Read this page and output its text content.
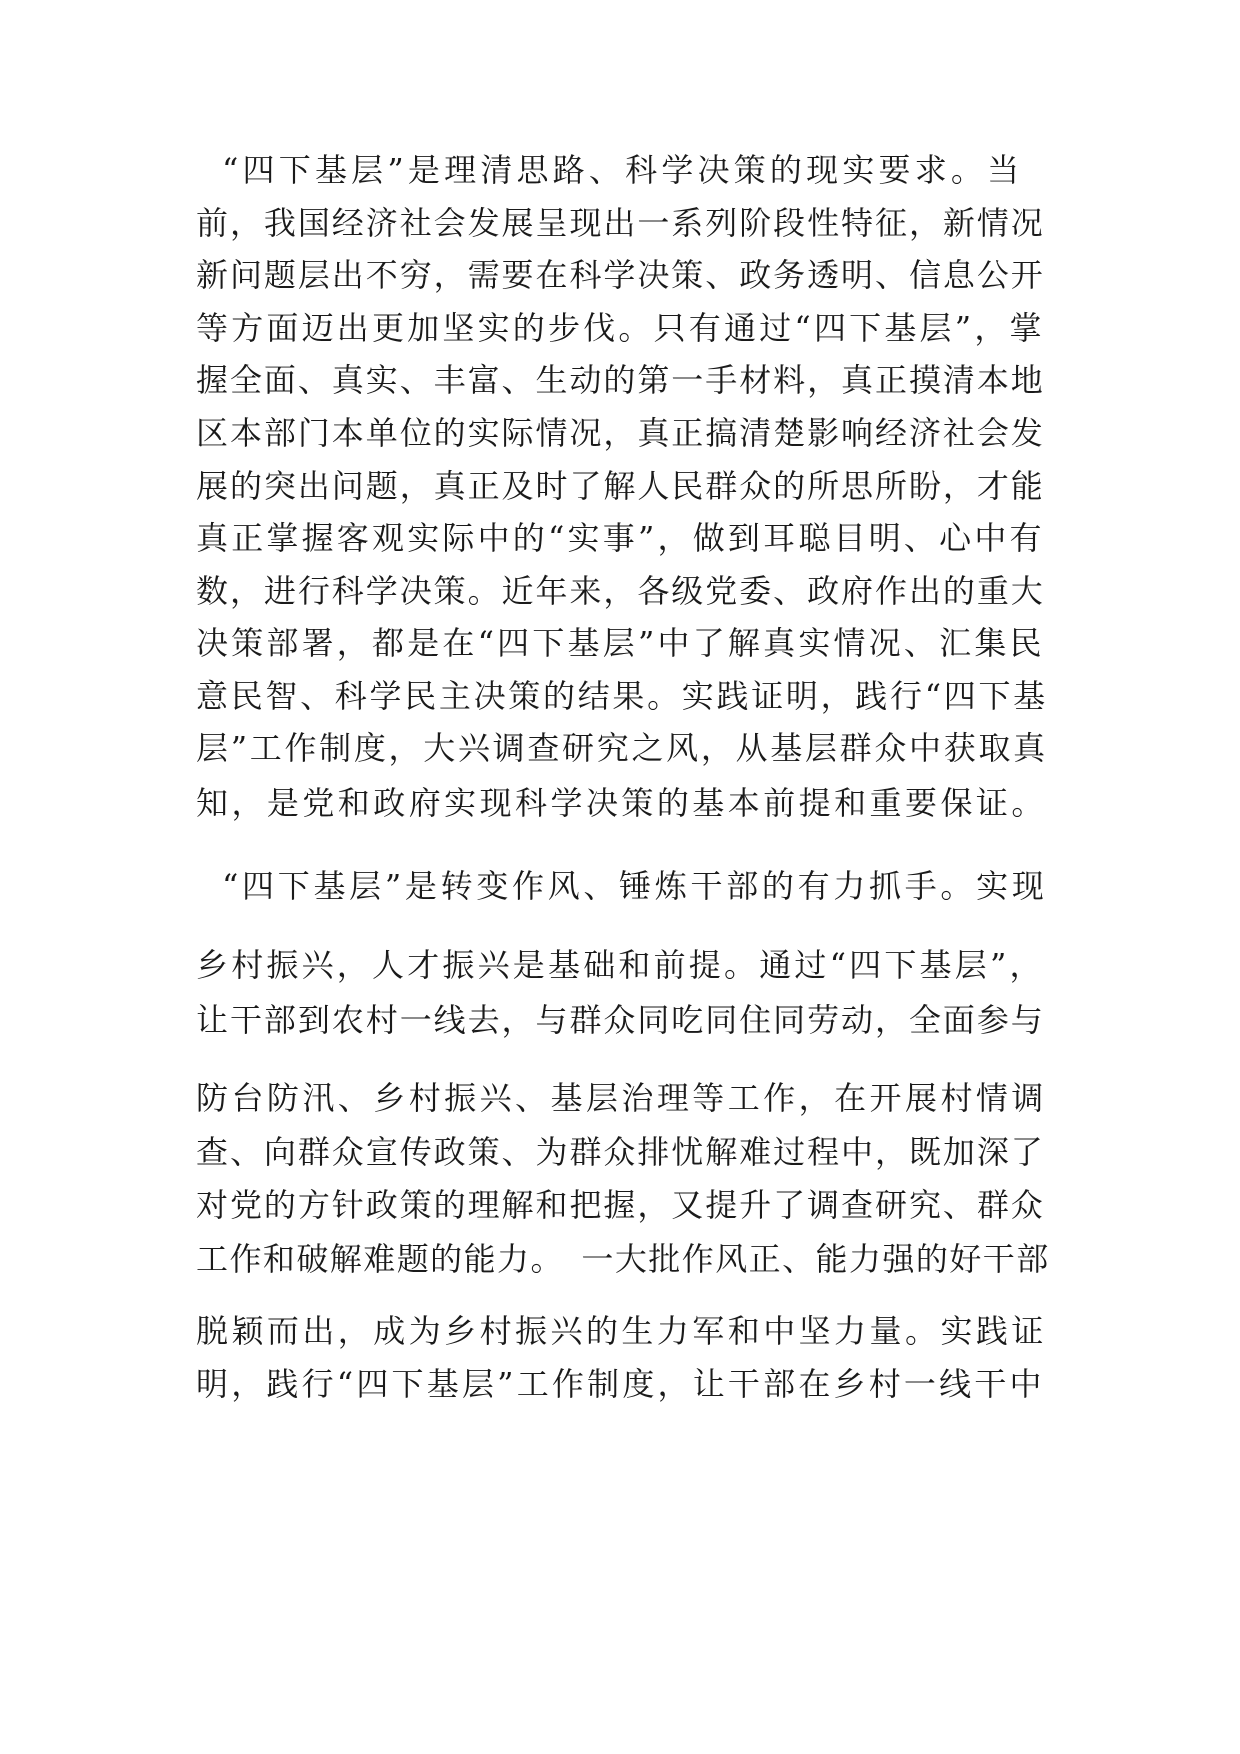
“四下基层”是理清思路、科学决策的现实要求。当
前，我国经济社会发展呈现出一系列阶段性特征，新情况
新问题层出不穷，需要在科学决策、政务透明、信息公开
等方面迈出更加坚实的步伐。只有通过“四下基层”，掌
握全面、真实、丰富、生动的第一手材料，真正摸清本地
区本部门本单位的实际情况，真正搞清楚影响经济社会发
展的突出问题，真正及时了解人民群众的所思所盼，才能
真正掌握客观实际中的“实事”，做到耳聪目明、心中有
数，进行科学决策。近年来，各级党委、政府作出的重大
决策部署，都是在“四下基层”中了解真实情况、汇集民
意民智、科学民主决策的结果。实践证明，践行“四下基
层”工作制度，大兴调查研究之风，从基层群众中获取真
知，是党和政府实现科学决策的基本前提和重要保证。
“四下基层”是转变作风、锤炼干部的有力抓手。实现
乡村振兴，人才振兴是基础和前提。通过“四下基层”，
让干部到农村一线去，与群众同吃同住同劳动，全面参与
防台防汛、乡村振兴、基层治理等工作，在开展村情调
查、向群众宣传政策、为群众排忧解难过程中，既加深了
对党的方针政策的理解和把握，又提升了调查研究、群众
工作和破解难题的能力。　一大批作风正、能力强的好干部
脱颖而出，成为乡村振兴的生力军和中坚力量。实践证
明，践行“四下基层”工作制度，让干部在乡村一线干中
